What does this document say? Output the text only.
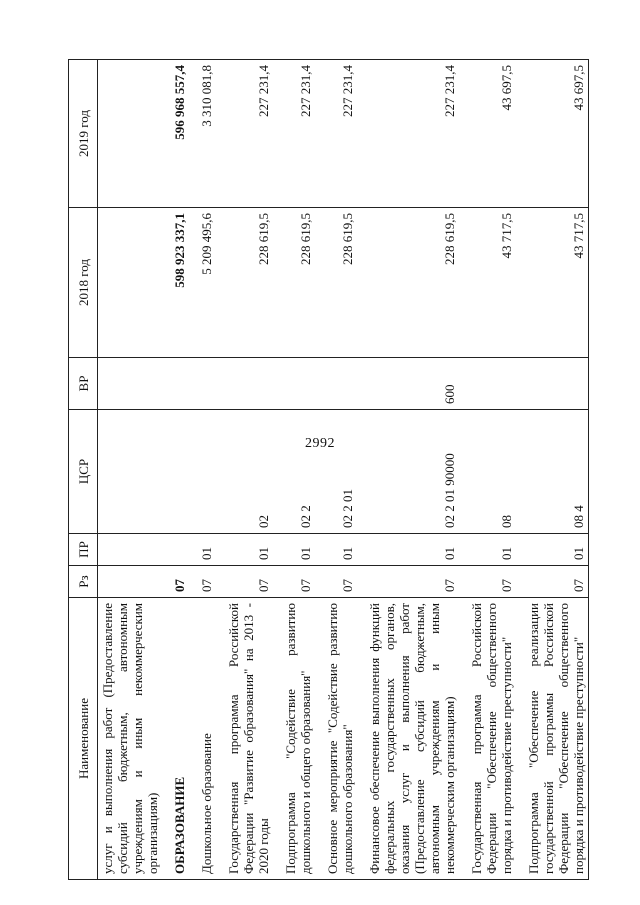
2992
Наименование	Рз	ПР	ЦСР	ВР	2018 год	2019 год
услуг и выполнения работ (Предоставление субсидий бюджетным, автономным учреждениям и иным некоммерческим организациям)						
ОБРАЗОВАНИЕ	07				598 923 337,1	596 968 557,4
Дошкольное образование	07	01			5 209 495,6	3 310 081,8
Государственная программа Российской Федерации "Развитие образования" на 2013 - 2020 годы	07	01	02		228 619,5	227 231,4
Подпрограмма "Содействие развитию дошкольного и общего образования"	07	01	02 2		228 619,5	227 231,4
Основное мероприятие "Содействие развитию дошкольного образования"	07	01	02 2 01		228 619,5	227 231,4
Финансовое обеспечение выполнения функций федеральных государственных органов, оказания услуг и выполнения работ (Предоставление субсидий бюджетным, автономным учреждениям и иным некоммерческим организациям)	07	01	02 2 01 90000	600	228 619,5	227 231,4
Государственная программа Российской Федерации "Обеспечение общественного порядка и противодействие преступности"	07	01	08		43 717,5	43 697,5
Подпрограмма "Обеспечение реализации государственной программы Российской Федерации "Обеспечение общественного порядка и противодействие преступности"	07	01	08 4		43 717,5	43 697,5
